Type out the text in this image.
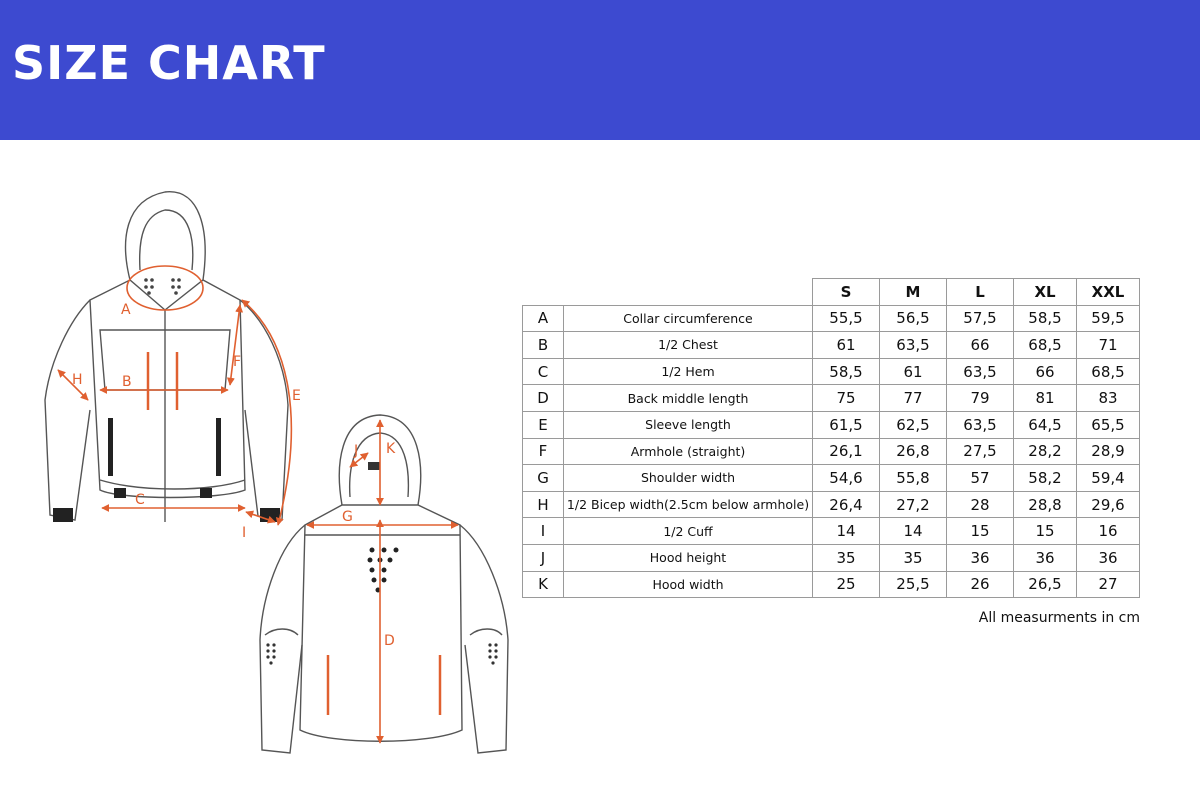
SIZE CHART
A
B
C
E
F
H
I
D
G
J K
		S	M	L	XL	XXL
A	Collar circumference	55,5	56,5	57,5	58,5	59,5
B	1/2 Chest	61	63,5	66	68,5	71
C	1/2 Hem	58,5	61	63,5	66	68,5
D	Back middle length	75	77	79	81	83
E	Sleeve length	61,5	62,5	63,5	64,5	65,5
F	Armhole (straight)	26,1	26,8	27,5	28,2	28,9
G	Shoulder width	54,6	55,8	57	58,2	59,4
H	1/2 Bicep width(2.5cm below armhole)	26,4	27,2	28	28,8	29,6
I	1/2 Cuff	14	14	15	15	16
J	Hood height	35	35	36	36	36
K	Hood width	25	25,5	26	26,5	27
All measurments in cm
